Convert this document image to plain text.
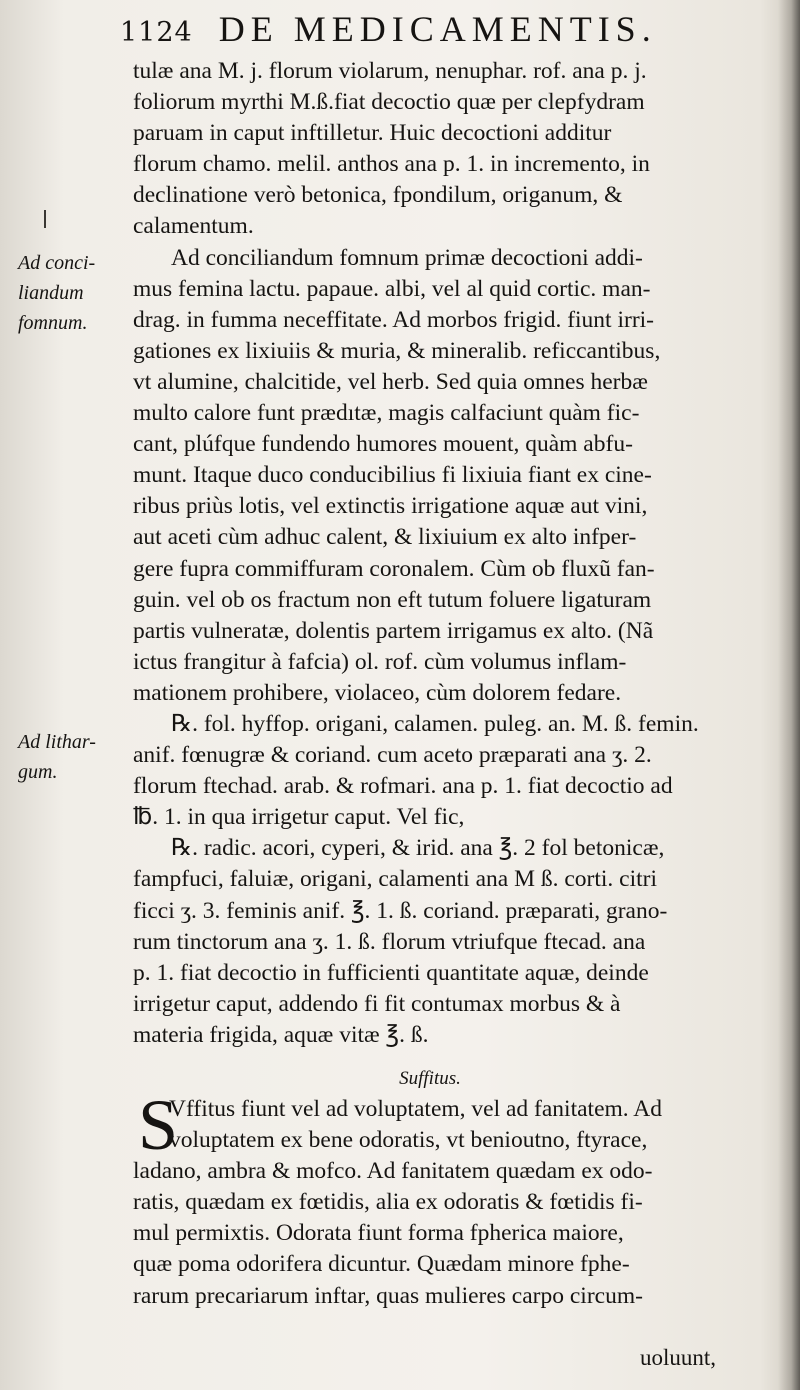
1124 DE MEDICAMENTIS.
tulæ ana M. j. florum violarum, nenuphar. rof. ana p. j.
foliorum myrthi M.ß.fiat decoctio quæ per clepfydram
paruam in caput inftilletur. Huic decoctioni additur
florum chamo. melil. anthos ana p. 1. in incremento, in
declinatione verò betonica, fpondilum, origanum, &
calamentum.
Ad conciliandum fomnum primæ decoctioni addi-
mus femina lactu. papaue. albi, vel al quid cortic. man-
drag. in fumma neceffitate. Ad morbos frigid. fiunt irri-
gationes ex lixiuiis & muria, & mineralib. reficcantibus,
vt alumine, chalcitide, vel herb. Sed quia omnes herbæ
multo calore funt prædıtæ, magis calfaciunt quàm fic-
cant, plúfque fundendo humores mouent, quàm abfu-
munt. Itaque duco conducibilius fi lixiuia fiant ex cine-
ribus priùs lotis, vel extinctis irrigatione aquæ aut vini,
aut aceti cùm adhuc calent, & lixiuium ex alto infper-
gere fupra commiffuram coronalem. Cùm ob fluxũ fan-
guin. vel ob os fractum non eft tutum foluere ligaturam
partis vulneratæ, dolentis partem irrigamus ex alto. (Nã
ictus frangitur à fafcia) ol. rof. cùm volumus inflam-
mationem prohibere, violaceo, cùm dolorem fedare.
℞. fol. hyffop. origani, calamen. puleg. an. M. ß. femin.
anif. fœnugræ & coriand. cum aceto præparati ana ʒ. 2.
florum ftechad. arab. & rofmari. ana p. 1. fiat decoctio ad
℔. 1. in qua irrigetur caput. Vel fic,
℞. radic. acori, cyperi, & irid. ana ℥. 2 fol betonicæ,
fampfuci, faluiæ, origani, calamenti ana M ß. corti. citri
ficci ʒ. 3. feminis anif. ℥. 1. ß. coriand. præparati, grano-
rum tinctorum ana ʒ. 1. ß. florum vtriufque ftecad. ana
p. 1. fiat decoctio in fufficienti quantitate aquæ, deinde
irrigetur caput, addendo fi fit contumax morbus & à
materia frigida, aquæ vitæ ℥. ß.
Ad conci-
liandum
fomnum.
Ad lithar-
gum.
Suffitus.
S
Vffitus fiunt vel ad voluptatem, vel ad fanitatem. Ad
voluptatem ex bene odoratis, vt benioutno, ftyrace,
ladano, ambra & mofco. Ad fanitatem quædam ex odo-
ratis, quædam ex fœtidis, alia ex odoratis & fœtidis fi-
mul permixtis. Odorata fiunt forma fpherica maiore,
quæ poma odorifera dicuntur. Quædam minore fphe-
rarum precariarum inftar, quas mulieres carpo circum-
uoluunt,
